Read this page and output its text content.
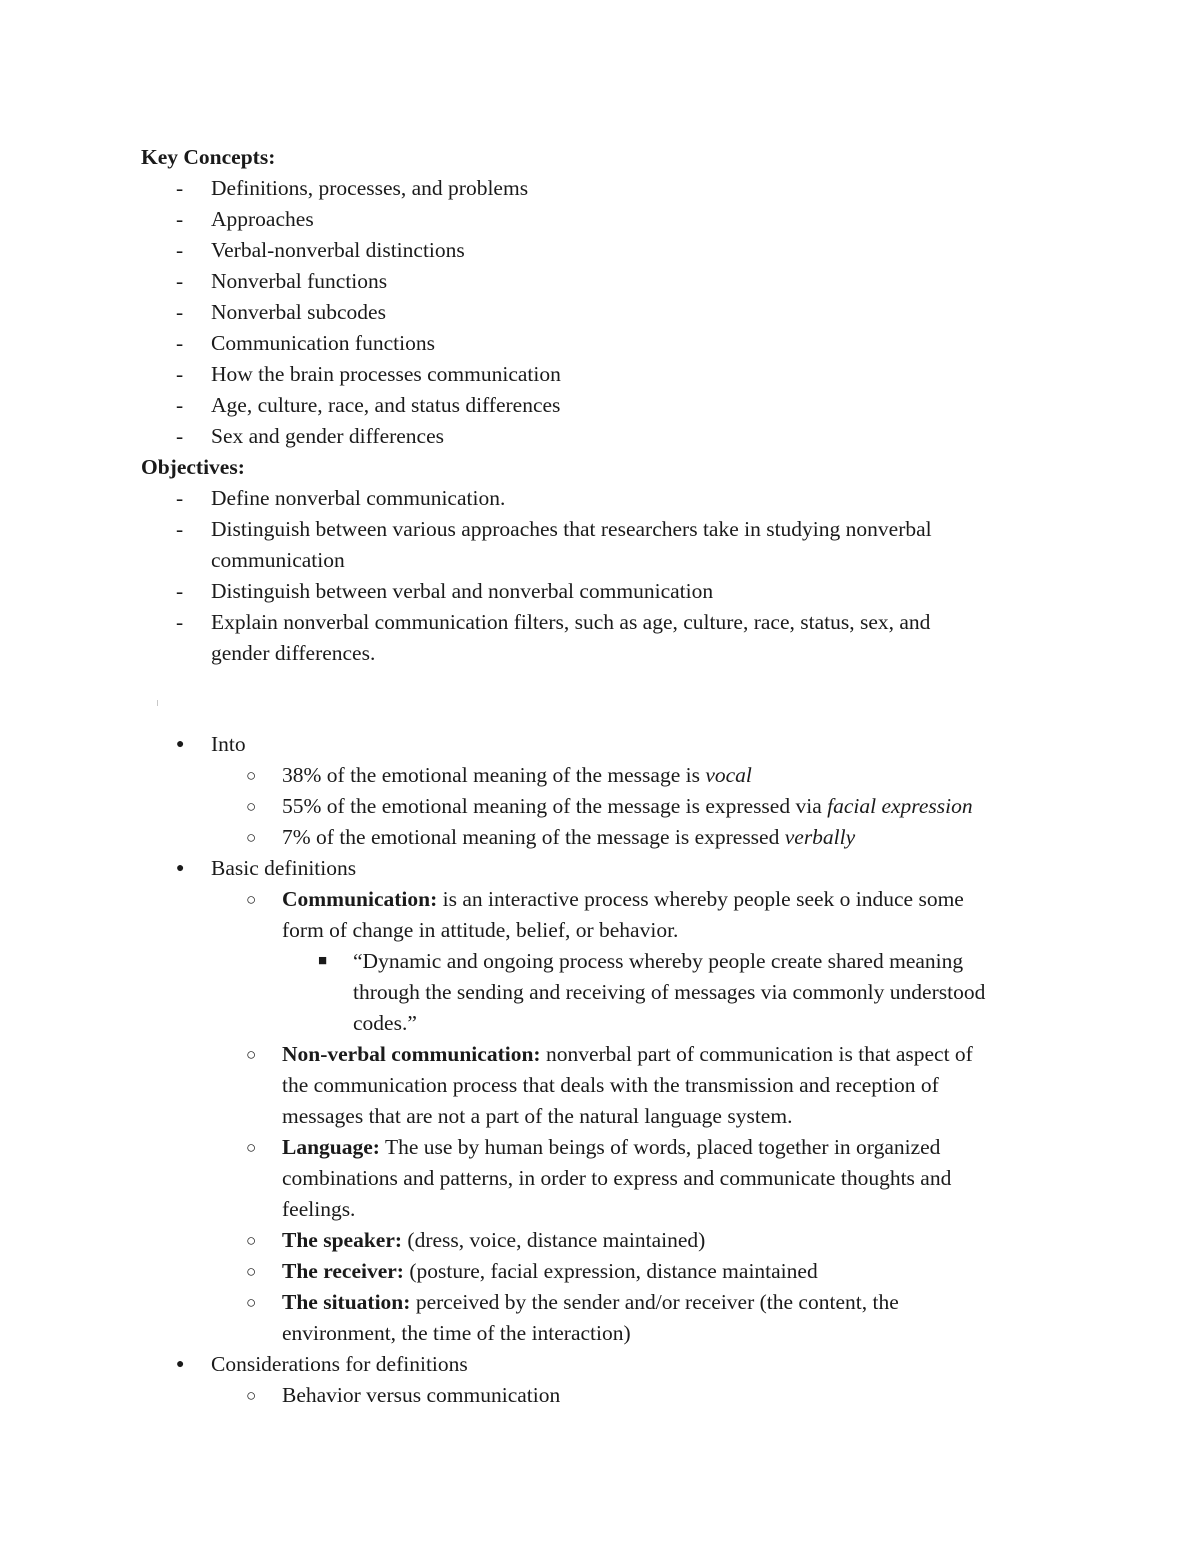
Key Concepts:
- Definitions, processes, and problems
- Approaches
- Verbal-nonverbal distinctions
- Nonverbal functions
- Nonverbal subcodes
- Communication functions
- How the brain processes communication
- Age, culture, race, and status differences
- Sex and gender differences
Objectives:
- Define nonverbal communication.
- Distinguish between various approaches that researchers take in studying nonverbal
communication
- Distinguish between verbal and nonverbal communication
- Explain nonverbal communication filters, such as age, culture, race, status, sex, and
gender differences.
● Into
○ 38% of the emotional meaning of the message is vocal
○ 55% of the emotional meaning of the message is expressed via facial expression
○ 7% of the emotional meaning of the message is expressed verbally
● Basic definitions
○ Communication: is an interactive process whereby people seek o induce some
form of change in attitude, belief, or behavior.
■ “Dynamic and ongoing process whereby people create shared meaning
through the sending and receiving of messages via commonly understood
codes.”
○ Non-verbal communication: nonverbal part of communication is that aspect of
the communication process that deals with the transmission and reception of
messages that are not a part of the natural language system.
○ Language: The use by human beings of words, placed together in organized
combinations and patterns, in order to express and communicate thoughts and
feelings.
○ The speaker: (dress, voice, distance maintained)
○ The receiver: (posture, facial expression, distance maintained
○ The situation: perceived by the sender and/or receiver (the content, the
environment, the time of the interaction)
● Considerations for definitions
○ Behavior versus communication
